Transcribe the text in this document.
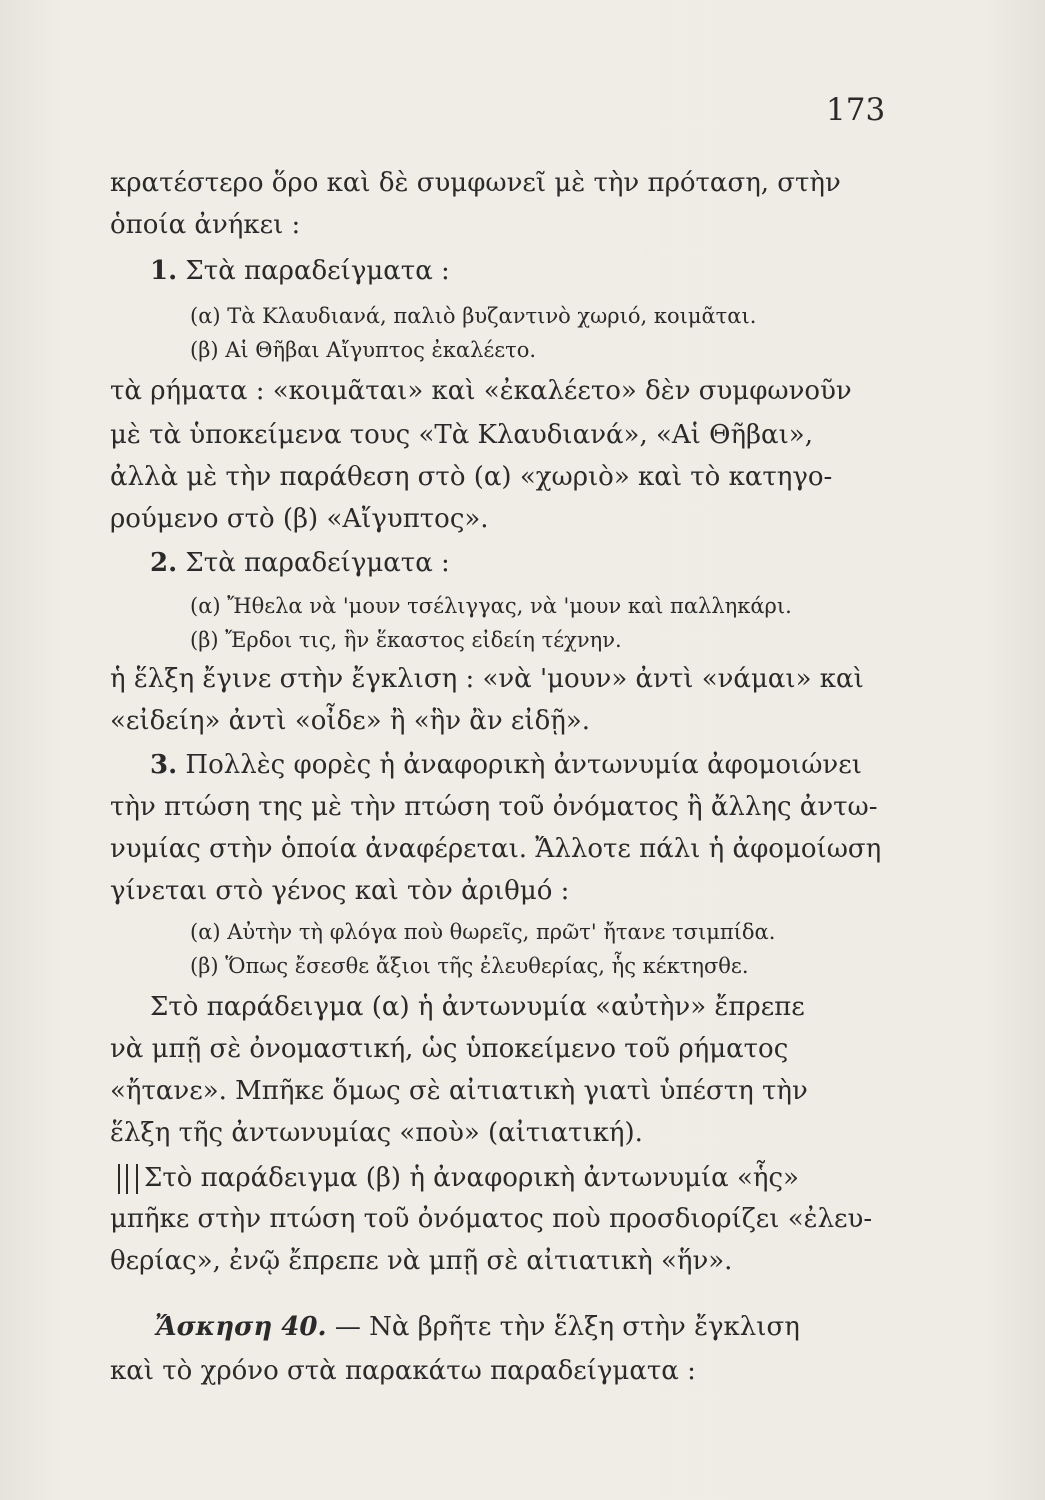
173
κρατέστερο ὅρο καὶ δὲ συμφωνεῖ μὲ τὴν πρόταση, στὴν
ὁποία ἀνήκει :
1. Στὰ παραδείγματα :
(α) Τὰ Κλαυδιανά, παλιὸ βυζαντινὸ χωριό, κοιμᾶται.
(β) Αἱ Θῆβαι Αἴγυπτος ἐκαλέετο.
τὰ ρήματα : «κοιμᾶται» καὶ «ἐκαλέετο» δὲν συμφωνοῦν
μὲ τὰ ὑποκείμενα τους «Τὰ Κλαυδιανά», «Αἱ Θῆβαι»,
ἀλλὰ μὲ τὴν παράθεση στὸ (α) «χωριὸ» καὶ τὸ κατηγο-
ρούμενο στὸ (β) «Αἴγυπτος».
2. Στὰ παραδείγματα :
(α) Ἤθελα νὰ 'μουν τσέλιγγας, νὰ 'μουν καὶ παλληκάρι.
(β) Ἔρδοι τις, ἣν ἕκαστος εἰδείη τέχνην.
ἡ ἕλξη ἔγινε στὴν ἔγκλιση : «νὰ 'μουν» ἀντὶ «νάμαι» καὶ
«εἰδείη» ἀντὶ «οἶδε» ἢ «ἣν ἂν εἰδῇ».
3. Πολλὲς φορὲς ἡ ἀναφορικὴ ἀντωνυμία ἀφομοιώνει
τὴν πτώση της μὲ τὴν πτώση τοῦ ὀνόματος ἢ ἄλλης ἀντω-
νυμίας στὴν ὁποία ἀναφέρεται. Ἄλλοτε πάλι ἡ ἀφομοίωση
γίνεται στὸ γένος καὶ τὸν ἀριθμό :
(α) Αὐτὴν τὴ φλόγα ποὺ θωρεῖς, πρῶτ' ἤτανε τσιμπίδα.
(β) Ὅπως ἔσεσθε ἄξιοι τῆς ἐλευθερίας, ἧς κέκτησθε.
Στὸ παράδειγμα (α) ἡ ἀντωνυμία «αὐτὴν» ἔπρεπε
νὰ μπῇ σὲ ὀνομαστική, ὡς ὑποκείμενο τοῦ ρήματος
«ἤτανε». Μπῆκε ὅμως σὲ αἰτιατικὴ γιατὶ ὑπέστη τὴν
ἕλξη τῆς ἀντωνυμίας «ποὺ» (αἰτιατική).
Στὸ παράδειγμα (β) ἡ ἀναφορικὴ ἀντωνυμία «ἧς»
μπῆκε στὴν πτώση τοῦ ὀνόματος ποὺ προσδιορίζει «ἐλευ-
θερίας», ἐνῷ ἔπρεπε νὰ μπῇ σὲ αἰτιατικὴ «ἥν».
Ἄσκηση 40. — Νὰ βρῆτε τὴν ἕλξη στὴν ἔγκλιση
καὶ τὸ χρόνο στὰ παρακάτω παραδείγματα :
